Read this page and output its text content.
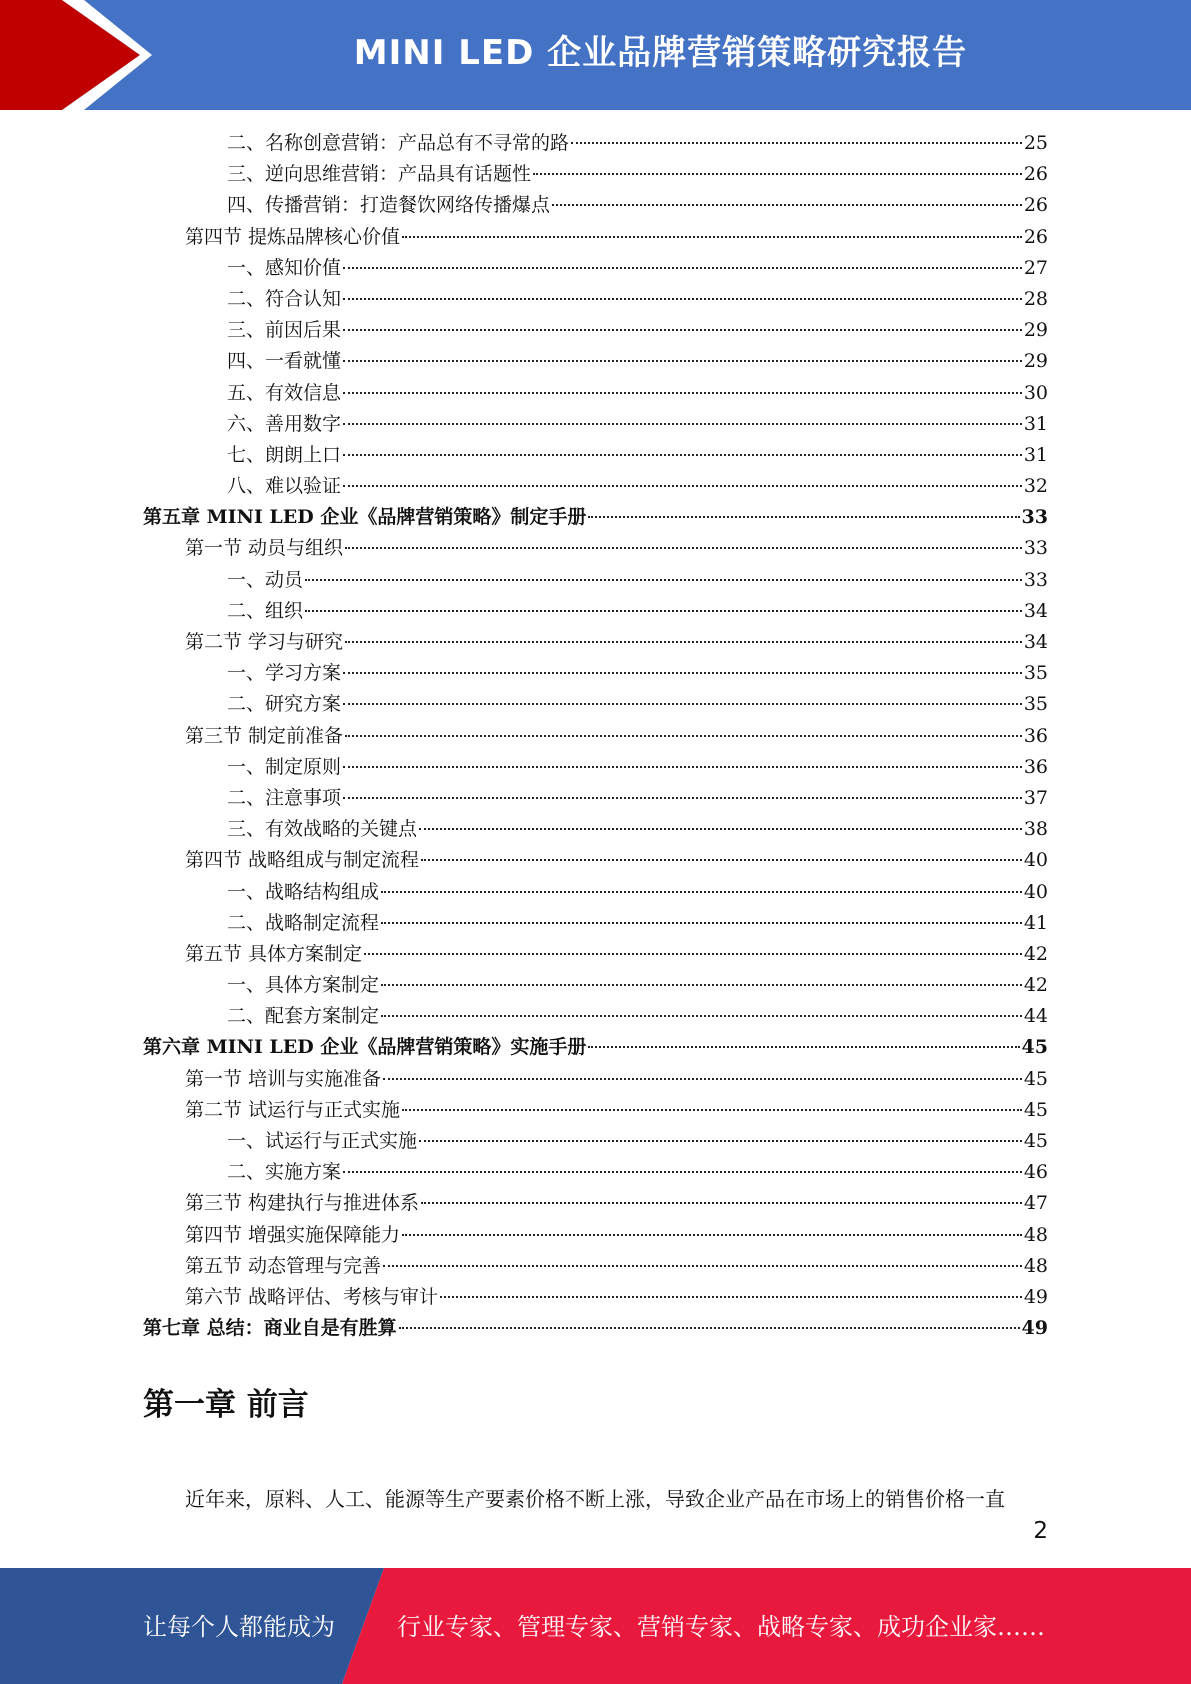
MINI LED 企业品牌营销策略研究报告
二、名称创意营销：产品总有不寻常的路	25
三、逆向思维营销：产品具有话题性	26
四、传播营销：打造餐饮网络传播爆点	26
第四节 提炼品牌核心价值	26
一、感知价值	27
二、符合认知	28
三、前因后果	29
四、一看就懂	29
五、有效信息	30
六、善用数字	31
七、朗朗上口	31
八、难以验证	32
第五章 MINI LED 企业《品牌营销策略》制定手册	33
第一节 动员与组织	33
一、动员	33
二、组织	34
第二节 学习与研究	34
一、学习方案	35
二、研究方案	35
第三节 制定前准备	36
一、制定原则	36
二、注意事项	37
三、有效战略的关键点	38
第四节 战略组成与制定流程	40
一、战略结构组成	40
二、战略制定流程	41
第五节 具体方案制定	42
一、具体方案制定	42
二、配套方案制定	44
第六章 MINI LED 企业《品牌营销策略》实施手册	45
第一节 培训与实施准备	45
第二节 试运行与正式实施	45
一、试运行与正式实施	45
二、实施方案	46
第三节 构建执行与推进体系	47
第四节 增强实施保障能力	48
第五节 动态管理与完善	48
第六节 战略评估、考核与审计	49
第七章 总结：商业自是有胜算	49
第一章 前言
近年来，原料、人工、能源等生产要素价格不断上涨，导致企业产品在市场上的销售价格一直
2
让每个人都能成为	行业专家、管理专家、营销专家、战略专家、成功企业家……
